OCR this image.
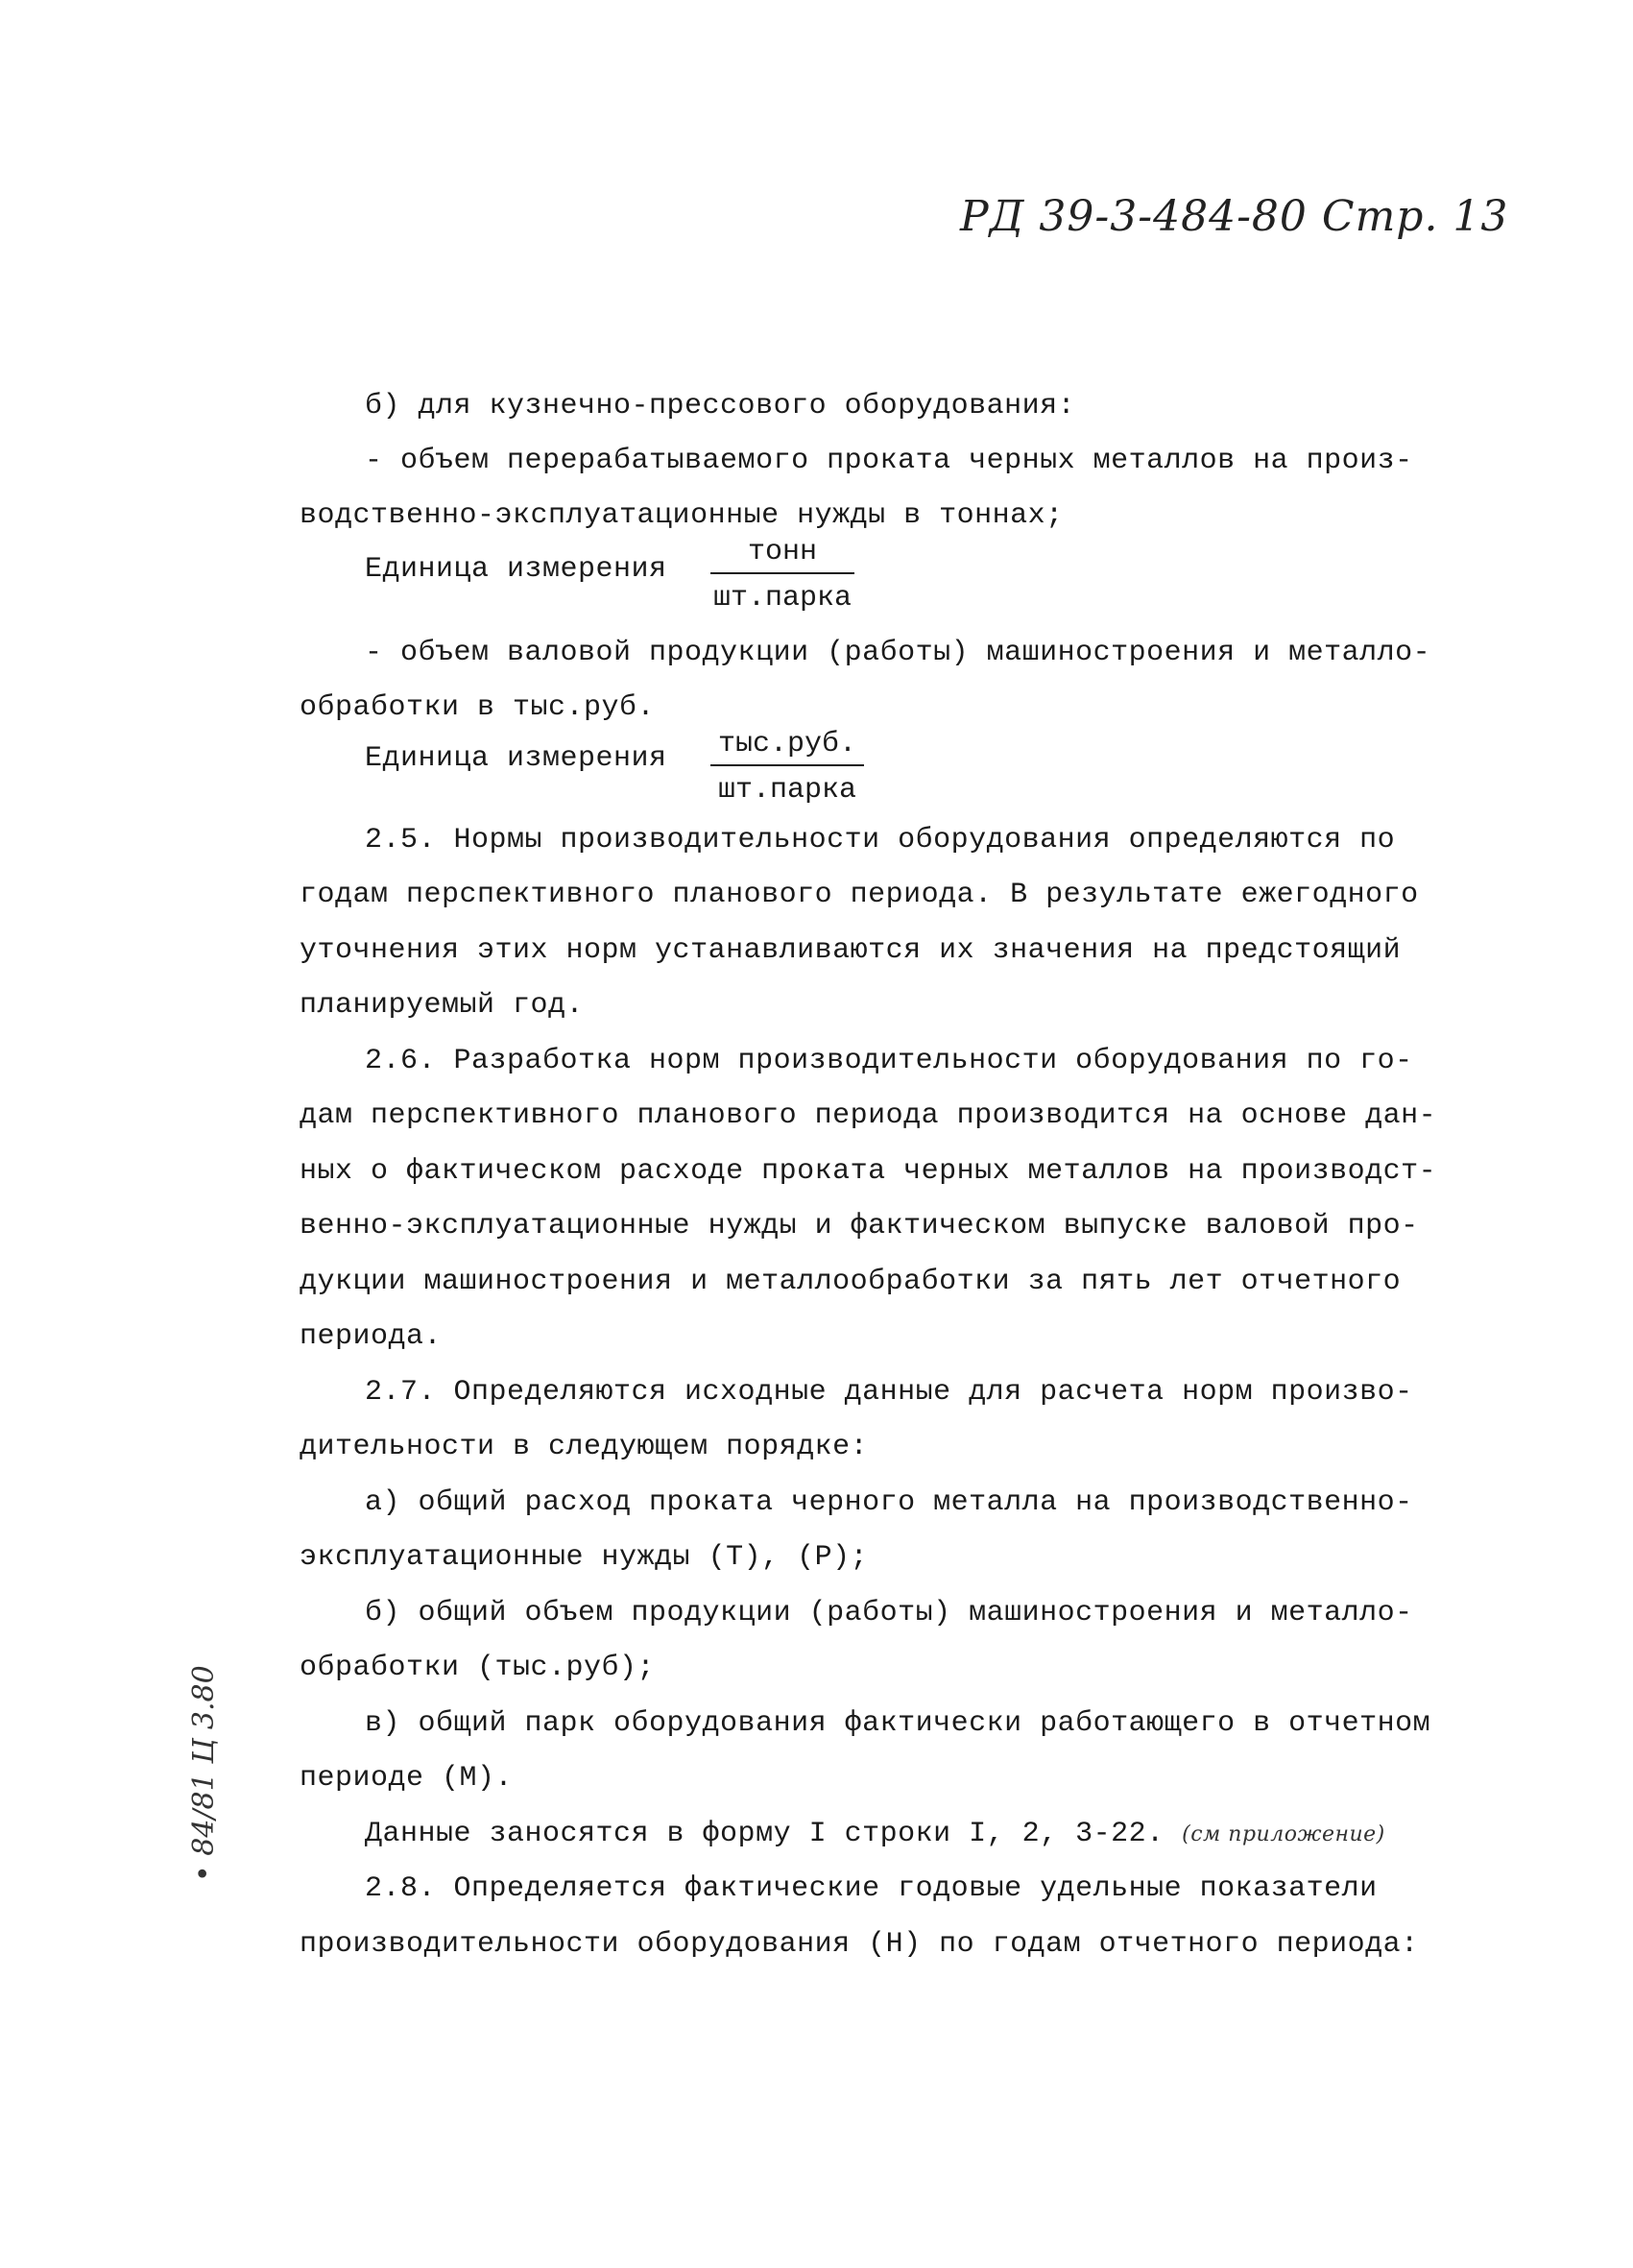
РД 39-3-484-80 Стр. 13
б) для кузнечно-прессового оборудования:
- объем перерабатываемого проката черных металлов на произ-
водственно-эксплуатационные нужды в тоннах;
Единица измерения
тонн
шт.парка
- объем валовой продукции (работы) машиностроения и металло-
обработки в тыс.руб.
Единица измерения тыс.руб.
шт.парка
2.5. Нормы производительности оборудования определяются по
годам перспективного планового периода. В результате ежегодного
уточнения этих норм устанавливаются их значения на предстоящий
планируемый год.
2.6. Разработка норм производительности оборудования по го-
дам перспективного планового периода производится на основе дан-
ных о фактическом расходе проката черных металлов на производст-
венно-эксплуатационные нужды и фактическом выпуске валовой про-
дукции машиностроения и металлообработки за пять лет отчетного
периода.
2.7. Определяются исходные данные для расчета норм произво-
дительности в следующем порядке:
а) общий расход проката черного металла на производственно-
эксплуатационные нужды (Т), (Р);
б) общий объем продукции (работы) машиностроения и металло-
обработки (тыс.руб);
в) общий парк оборудования фактически работающего в отчетном
периоде (М).
Данные заносятся в форму I строки I, 2, 3-22. (см приложение)
2.8. Определяется фактические годовые удельные показатели
производительности оборудования (Н) по годам отчетного периода:
• 84/81 Ц 3.80
